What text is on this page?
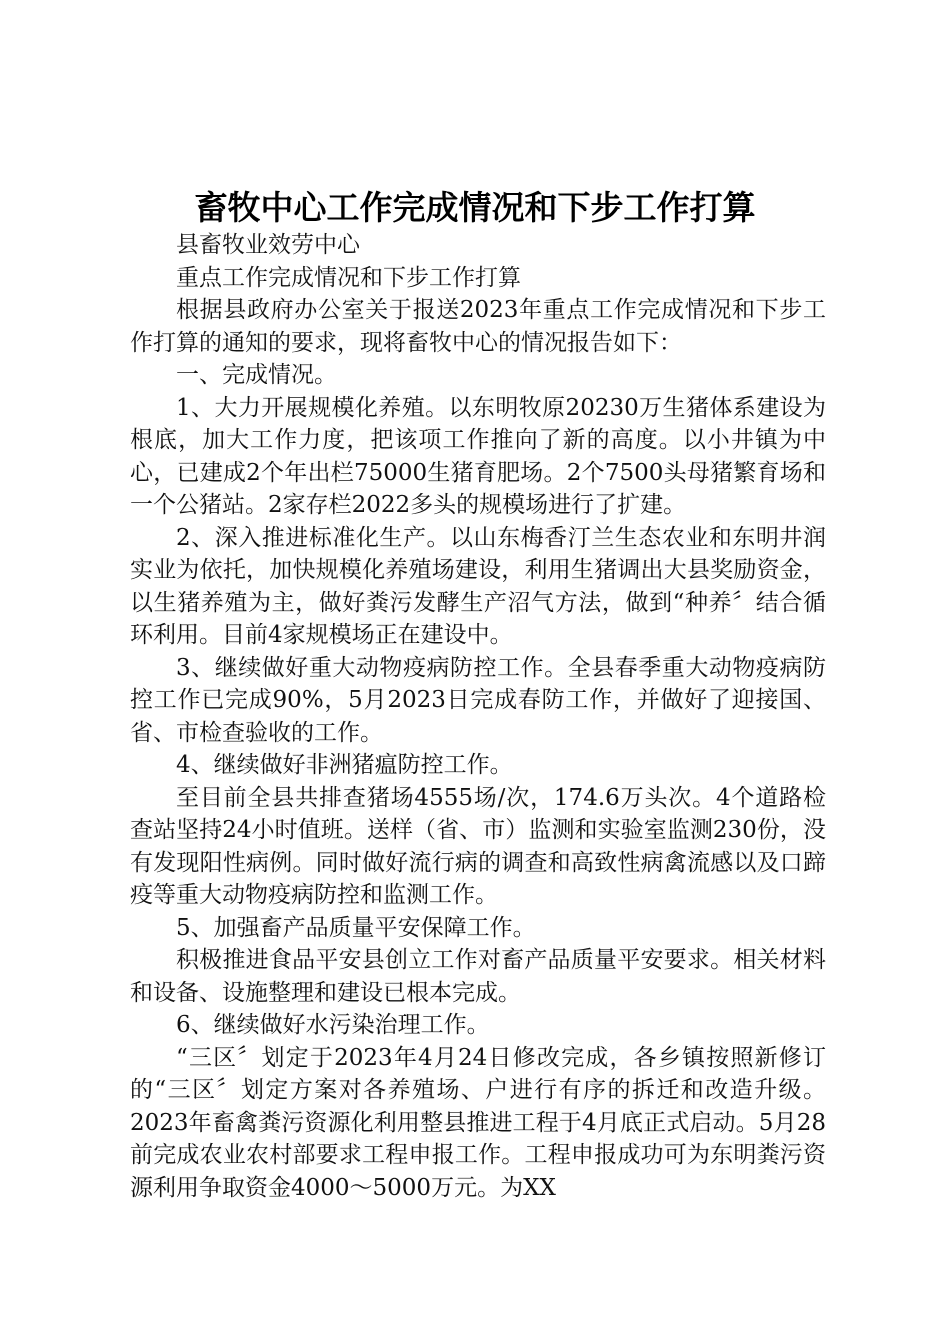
畜牧中心工作完成情况和下步工作打算

县畜牧业效劳中心

重点工作完成情况和下步工作打算

根据县政府办公室关于报送2023年重点工作完成情况和下步工作打算的通知的要求，现将畜牧中心的情况报告如下：

一、完成情况。

1、大力开展规模化养殖。以东明牧原20230万生猪体系建设为根底，加大工作力度，把该项工作推向了新的高度。以小井镇为中心，已建成2个年出栏75000生猪育肥场。2个7500头母猪繁育场和一个公猪站。2家存栏2022多头的规模场进行了扩建。

2、深入推进标准化生产。以山东梅香汀兰生态农业和东明井润实业为依托，加快规模化养殖场建设，利用生猪调出大县奖励资金，以生猪养殖为主，做好粪污发酵生产沼气方法，做到“种养〞结合循环利用。目前4家规模场正在建设中。

3、继续做好重大动物疫病防控工作。全县春季重大动物疫病防控工作已完成90%，5月2023日完成春防工作，并做好了迎接国、省、市检查验收的工作。

4、继续做好非洲猪瘟防控工作。

至目前全县共排查猪场4555场/次，174.6万头次。4个道路检查站坚持24小时值班。送样（省、市）监测和实验室监测230份，没有发现阳性病例。同时做好流行病的调查和高致性病禽流感以及口蹄疫等重大动物疫病防控和监测工作。

5、加强畜产品质量平安保障工作。

积极推进食品平安县创立工作对畜产品质量平安要求。相关材料和设备、设施整理和建设已根本完成。

6、继续做好水污染治理工作。

“三区〞划定于2023年4月24日修改完成，各乡镇按照新修订的“三区〞划定方案对各养殖场、户进行有序的拆迁和改造升级。2023年畜禽粪污资源化利用整县推进工程于4月底正式启动。5月28前完成农业农村部要求工程申报工作。工程申报成功可为东明粪污资源利用争取资金4000～5000万元。为XX
